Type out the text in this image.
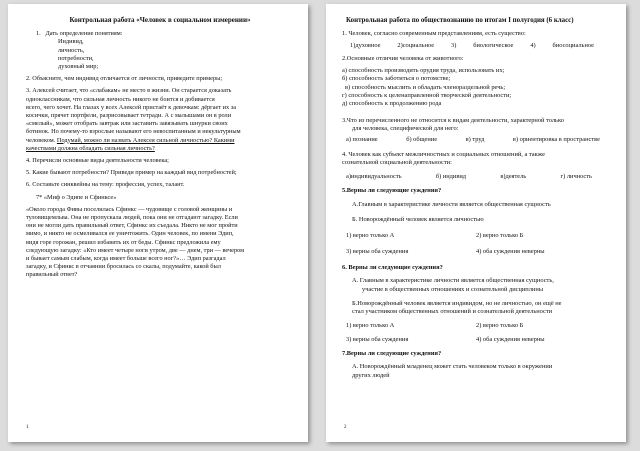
Контрольная работа «Человек в социальном измерении»
1.   Дать определение понятиям:
Индивид,
личность,
потребности,
духовный мир;
2. Объясните, чем индивид отличается от личности, приведите примеры;
3. Алексей считает, что «слабакам» не место в жизни. Он старается доказать
одноклассникам, что сильная личность никого не боится и добивается
всего, чего хочет. На глазах у всех Алексей пристаёт к девочкам: дёргает их за
косички, прячет портфели, разрисовывает тетради. А с малышами он в роли
«смелый», может отобрать завтрак или заставить завязывать шнурки своих
ботинок. Но почему-то взрослые называют его невоспитанным и некультурным
человеком. Подумай, можно ли назвать Алексея сильной личностью? Какими
качествами должна обладать сильная личность?
4. Перечисли основные виды деятельности человека;
5. Какие бывают потребности? Приведи пример на каждый вид потребностей;
6. Составьте синквейны на тему: профессия, успех, талант.
7* «Миф о Эдипе и Сфинксе»
«Около города Фивы поселилась Сфинкс — чудовище с головой женщины и
туловищемльва. Она не пропускала людей, пока они не отгадают загадку. Если
они не могли дать правильный ответ, Сфинкс их съедала. Никто не мог пройти
мимо, и никто не осмеливался ее уничтожить. Один человек, по имени Эдип,
видя горе горожан, решил избавить их от беды. Сфинкс предложила ему
следующую загадку: «Кто имеет четыре ноги утром, две — днем, три — вечером
и бывает самым слабым, когда имеет больше всего ног?»… Эдип разгадал
загадку, и Сфинкс в отчаянии бросилась со скалы, подумайте, какой был
правильный ответ?
1
Контрольная работа по обществознанию по итогам I полугодия (6 класс)
1. Человек, согласно современным представлениям, есть существо:
1)духовное	2)социальное	3)	биологическое	4)	биосоциальное
2.Основные отличия человека от животного:
а) способность производить орудия труда, использовать их;
б) способность заботиться о потомстве;
в) способность мыслить и обладать членораздельной речь;
г) способность к целенаправленной творческой деятельности;
д) способность к продолжению рода
3.Что из перечисленного не относится к видам деятельности, характерной только
для человека, специфической для него:
а) познание	б) общение	в) труд	в) ориентировка в пространстве
4. Человек как субъект межличностных и социальных отношений, а также
сознательной социальной деятельности:
а)индивидуальность	б) индивид	в)деятель	г) личность
5.Верны ли следующие суждения?
А.Главным в характеристике личности является общественная сущность
Б. Новорождённый человек является личностью
1) верно только А	2) верно только Б
3) верны оба суждения	4) оба суждения неверны
6. Верны ли следующие суждения?
А. Главным в характеристике личности является общественная сущность,
участие в общественных отношениях и сознательной дисциплины
Б.Новорождённый человек является индивидом, но не личностью, он ещё не
стал участником общественных отношений и сознательной деятельности
1) верно только А	2) верно только Б
3) верны оба суждения	4) оба суждения неверны
7.Верны ли следующие суждения?
А. Новорождённый младенец может стать человеком только в окружении
других людей
2
